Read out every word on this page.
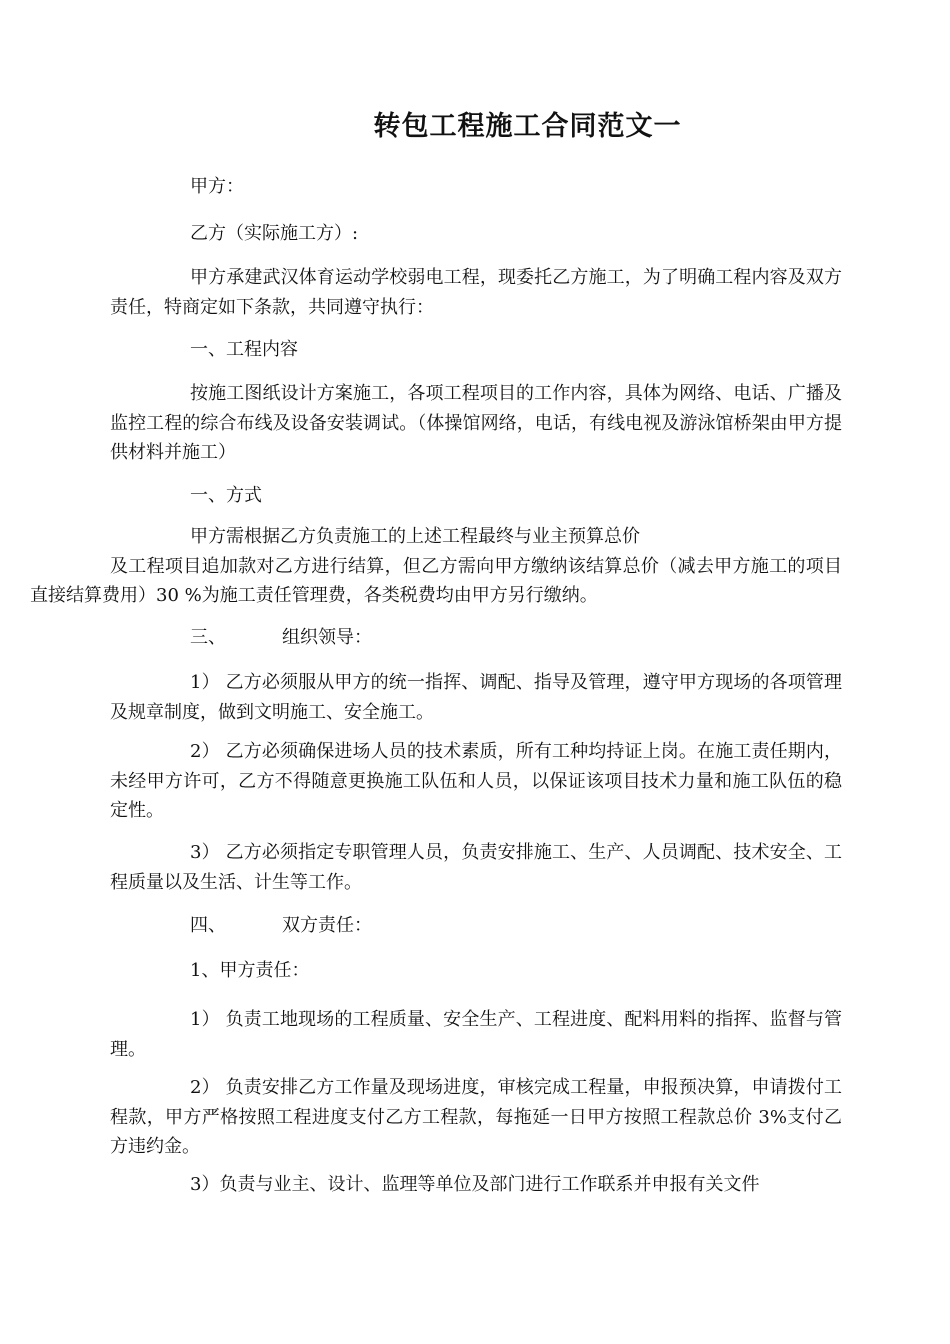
转包工程施工合同范文一
甲方：
乙方（实际施工方）:
甲方承建武汉体育运动学校弱电工程，现委托乙方施工，为了明确工程内容及双方责任，特商定如下条款，共同遵守执行：
一、工程内容
按施工图纸设计方案施工，各项工程项目的工作内容，具体为网络、电话、广播及监控工程的综合布线及设备安装调试。（体操馆网络，电话，有线电视及游泳馆桥架由甲方提供材料并施工）
一、方式
甲方需根据乙方负责施工的上述工程最终与业主预算总价
及工程项目追加款对乙方进行结算，但乙方需向甲方缴纳该结算总价（减去甲方施工的项目直接结算费用）30 %为施工责任管理费，各类税费均由甲方另行缴纳。
三、	组织领导：
1） 乙方必须服从甲方的统一指挥、调配、指导及管理，遵守甲方现场的各项管理及规章制度，做到文明施工、安全施工。
2） 乙方必须确保进场人员的技术素质，所有工种均持证上岗。在施工责任期内，未经甲方许可，乙方不得随意更换施工队伍和人员，以保证该项目技术力量和施工队伍的稳定性。
3） 乙方必须指定专职管理人员，负责安排施工、生产、人员调配、技术安全、工程质量以及生活、计生等工作。
四、	双方责任：
1、甲方责任：
1） 负责工地现场的工程质量、安全生产、工程进度、配料用料的指挥、监督与管理。
2） 负责安排乙方工作量及现场进度，审核完成工程量，申报预决算，申请拨付工程款，甲方严格按照工程进度支付乙方工程款，每拖延一日甲方按照工程款总价 3%支付乙方违约金。
3）负责与业主、设计、监理等单位及部门进行工作联系并申报有关文件
